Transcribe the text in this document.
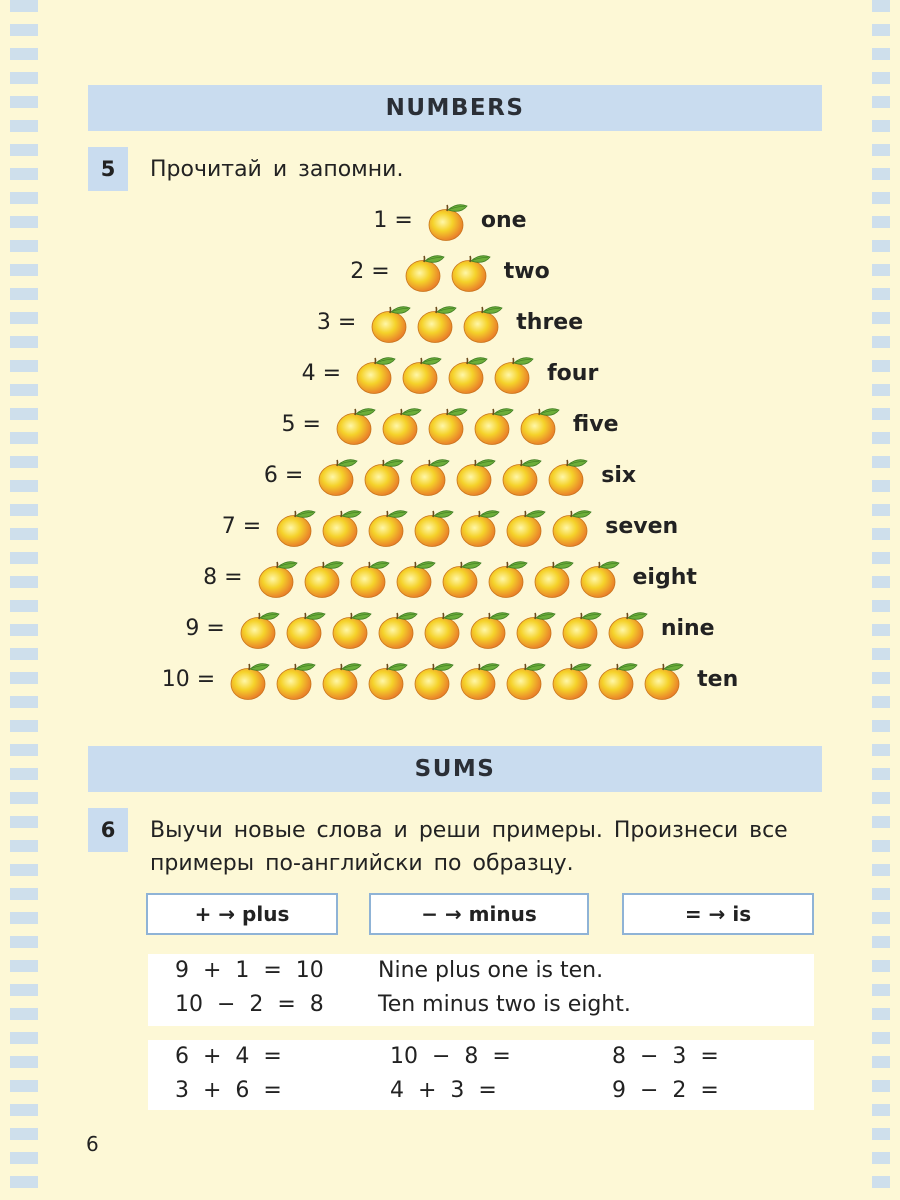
NUMBERS
5	Прочитай и запомни.
1 =	one
2 =	two
3 =	three
4 =	four
5 =	five
6 =	six
7 =	seven
8 =	eight
9 =	nine
10 =	ten
SUMS
6	Выучи новые слова и реши примеры. Произнеси все
примеры по-английски по образцу.
+ → plus	− → minus	= → is
9  +  1  =  10 Nine plus one is ten.
10  −  2  =  8 Ten minus two is eight.
6  +  4  =	10  −  8  =	8  −  3  =
3  +  6  =	4  +  3  =	9  −  2  =
6
